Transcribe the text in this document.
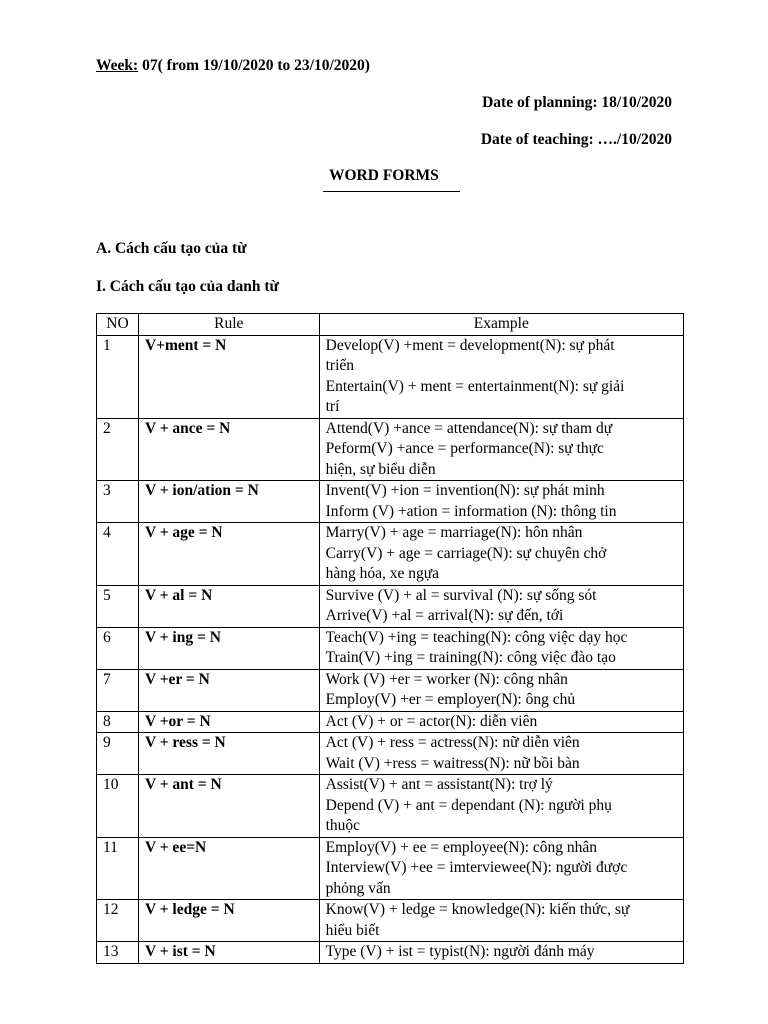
Week: 07( from 19/10/2020 to 23/10/2020)
Date of planning: 18/10/2020
Date of teaching: …./10/2020
WORD FORMS
A. Cách cấu tạo của từ
I. Cách cấu tạo của danh từ
NO	Rule	Example
1	V+ment = N	Develop(V) +ment = development(N): sự phát
triển
Entertain(V) + ment = entertainment(N): sự giải
trí

2	V + ance = N	Attend(V) +ance = attendance(N): sự tham dự
Peform(V) +ance = performance(N): sự thực
hiện, sự biểu diễn

3	V + ion/ation = N	Invent(V) +ion = invention(N): sự phát minh
Inform (V) +ation = information (N): thông tin

4	V + age = N	Marry(V) + age = marriage(N): hôn nhân
Carry(V) + age = carriage(N): sự chuyên chở
hàng hóa, xe ngựa

5	V + al = N	Survive (V) + al = survival (N): sự sống sót
Arrive(V) +al = arrival(N): sự đến, tới

6	V + ing = N	Teach(V) +ing = teaching(N): công việc dạy học
Train(V) +ing = training(N): công việc đào tạo

7	V +er = N	Work (V) +er = worker (N): công nhân
Employ(V) +er = employer(N): ông chủ

8	V +or = N	Act (V) + or = actor(N): diễn viên

9	V + ress = N	Act (V) + ress = actress(N): nữ diễn viên
Wait (V) +ress = waitress(N): nữ bồi bàn

10	V + ant = N	Assist(V) + ant = assistant(N): trợ lý
Depend (V) + ant = dependant (N): người phụ
thuộc

11	V + ee=N	Employ(V) + ee = employee(N): công nhân
Interview(V) +ee = imterviewee(N): người được
phỏng vấn

12	V + ledge = N	Know(V) + ledge = knowledge(N): kiến thức, sự
hiểu biết

13	V + ist = N	Type (V) + ist = typist(N): người đánh máy
